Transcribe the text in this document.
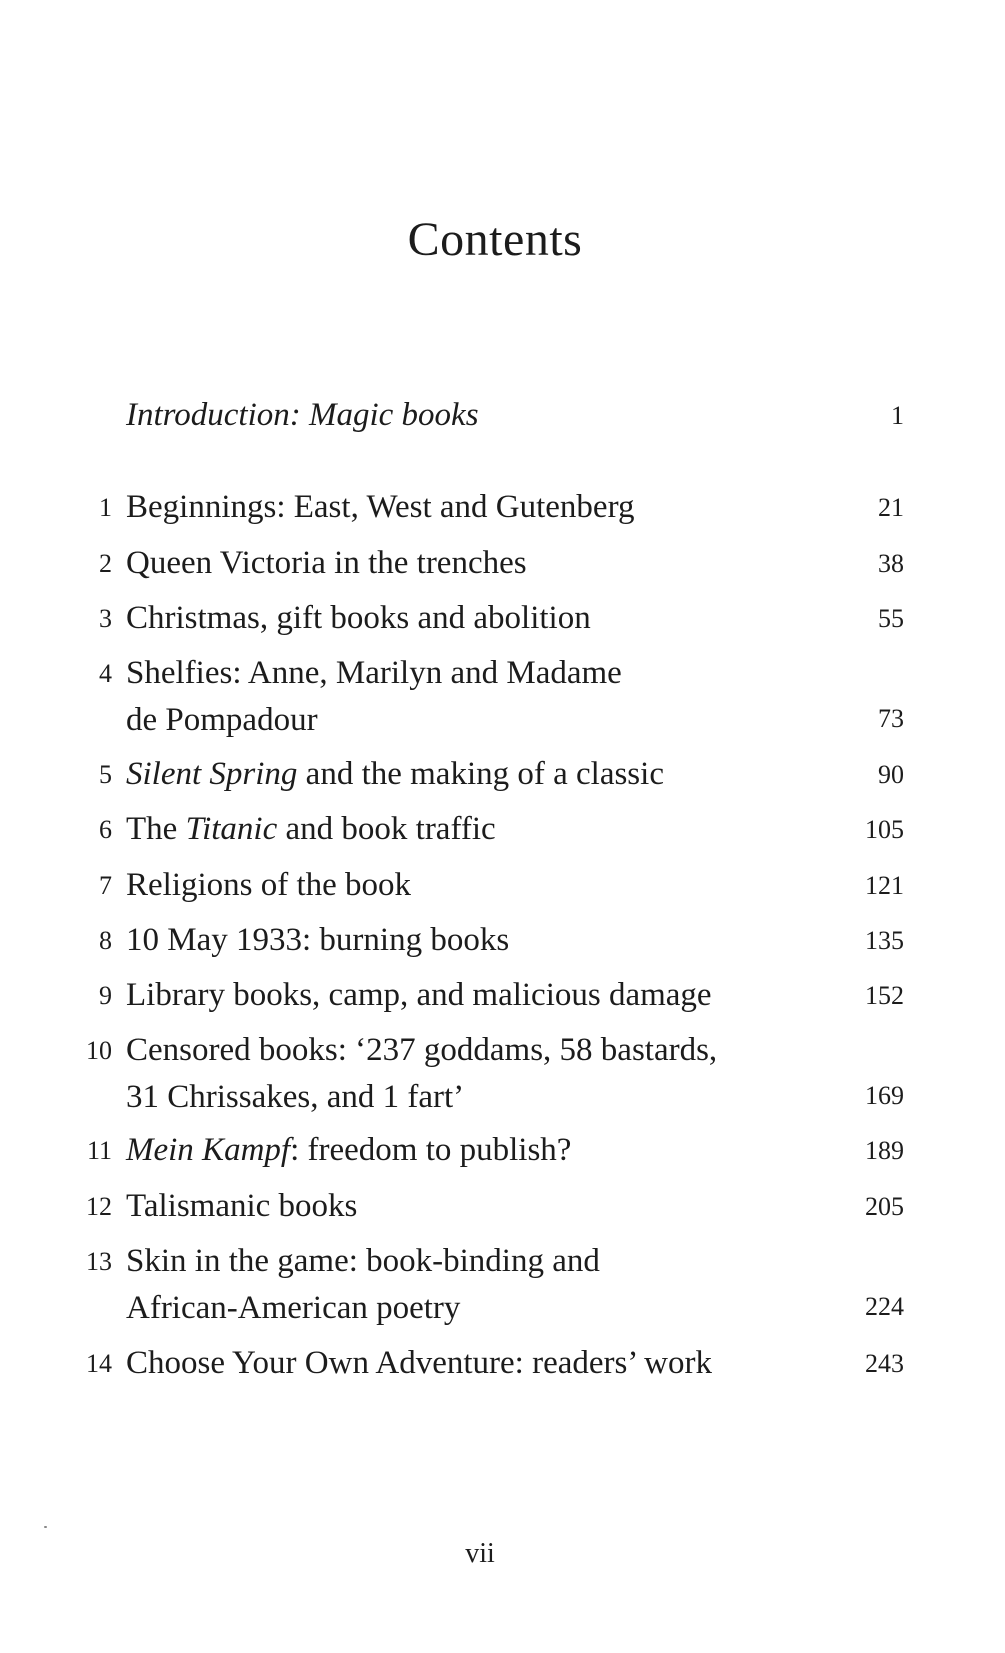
Contents
Introduction: Magic books	1
1 Beginnings: East, West and Gutenberg	21
2 Queen Victoria in the trenches	38
3 Christmas, gift books and abolition	55
4 Shelfies: Anne, Marilyn and Madame
de Pompadour	73
5 Silent Spring and the making of a classic	90
6 The Titanic and book traffic	105
7 Religions of the book	121
8 10 May 1933: burning books	135
9 Library books, camp, and malicious damage	152
10 Censored books: ‘237 goddams, 58 bastards,
31 Chrissakes, and 1 fart’	169
11 Mein Kampf: freedom to publish?	189
12 Talismanic books	205
13 Skin in the game: book-binding and
African-American poetry	224
14 Choose Your Own Adventure: readers’ work	243
vii
